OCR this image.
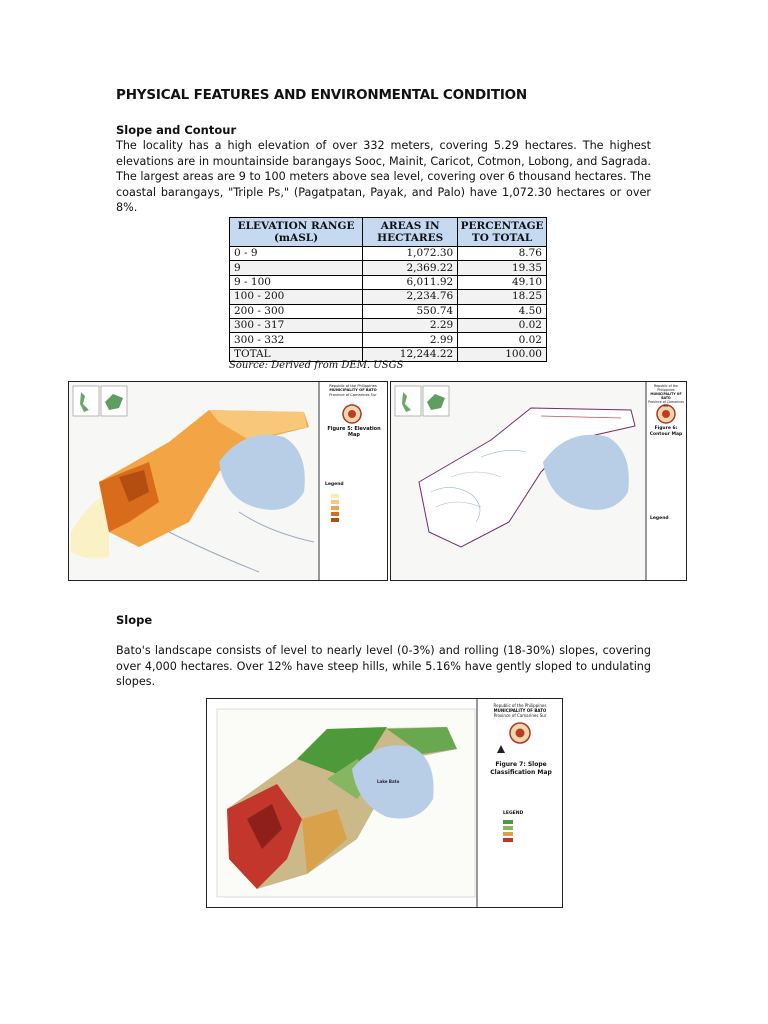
PHYSICAL FEATURES AND ENVIRONMENTAL CONDITION
Slope and Contour
The locality has a high elevation of over 332 meters, covering 5.29 hectares. The highest elevations are in mountainside barangays Sooc, Mainit, Caricot, Cotmon, Lobong, and Sagrada. The largest areas are 9 to 100 meters above sea level, covering over 6 thousand hectares. The coastal barangays, "Triple Ps," (Pagatpatan, Payak, and Palo) have 1,072.30 hectares or over 8%.
ELEVATION RANGE (mASL)	AREAS IN HECTARES	PERCENTAGE TO TOTAL
0 - 9	1,072.30	8.76
9	2,369.22	19.35
9 - 100	6,011.92	49.10
100 - 200	2,234.76	18.25
200 - 300	550.74	4.50
300 - 317	2.29	0.02
300 - 332	2.99	0.02
TOTAL	12,244.22	100.00
Source: Derived from DEM. USGS
Republic of the Philippines
MUNICIPALITY OF BATO
Province of Camarines Sur
Figure 5: Elevation Map
Legend
Republic of the Philippines
MUNICIPALITY OF BATO
Province of Camarines Sur
Figure 6: Contour Map
Legend
Slope
Bato's landscape consists of level to nearly level (0-3%) and rolling (18-30%) slopes, covering over 4,000 hectares. Over 12% have steep hills, while 5.16% have gently sloped to undulating slopes.
Republic of the Philippines
MUNICIPALITY OF BATO
Province of Camarines Sur
Figure 7: Slope Classification Map
LEGEND
Lake Bato
